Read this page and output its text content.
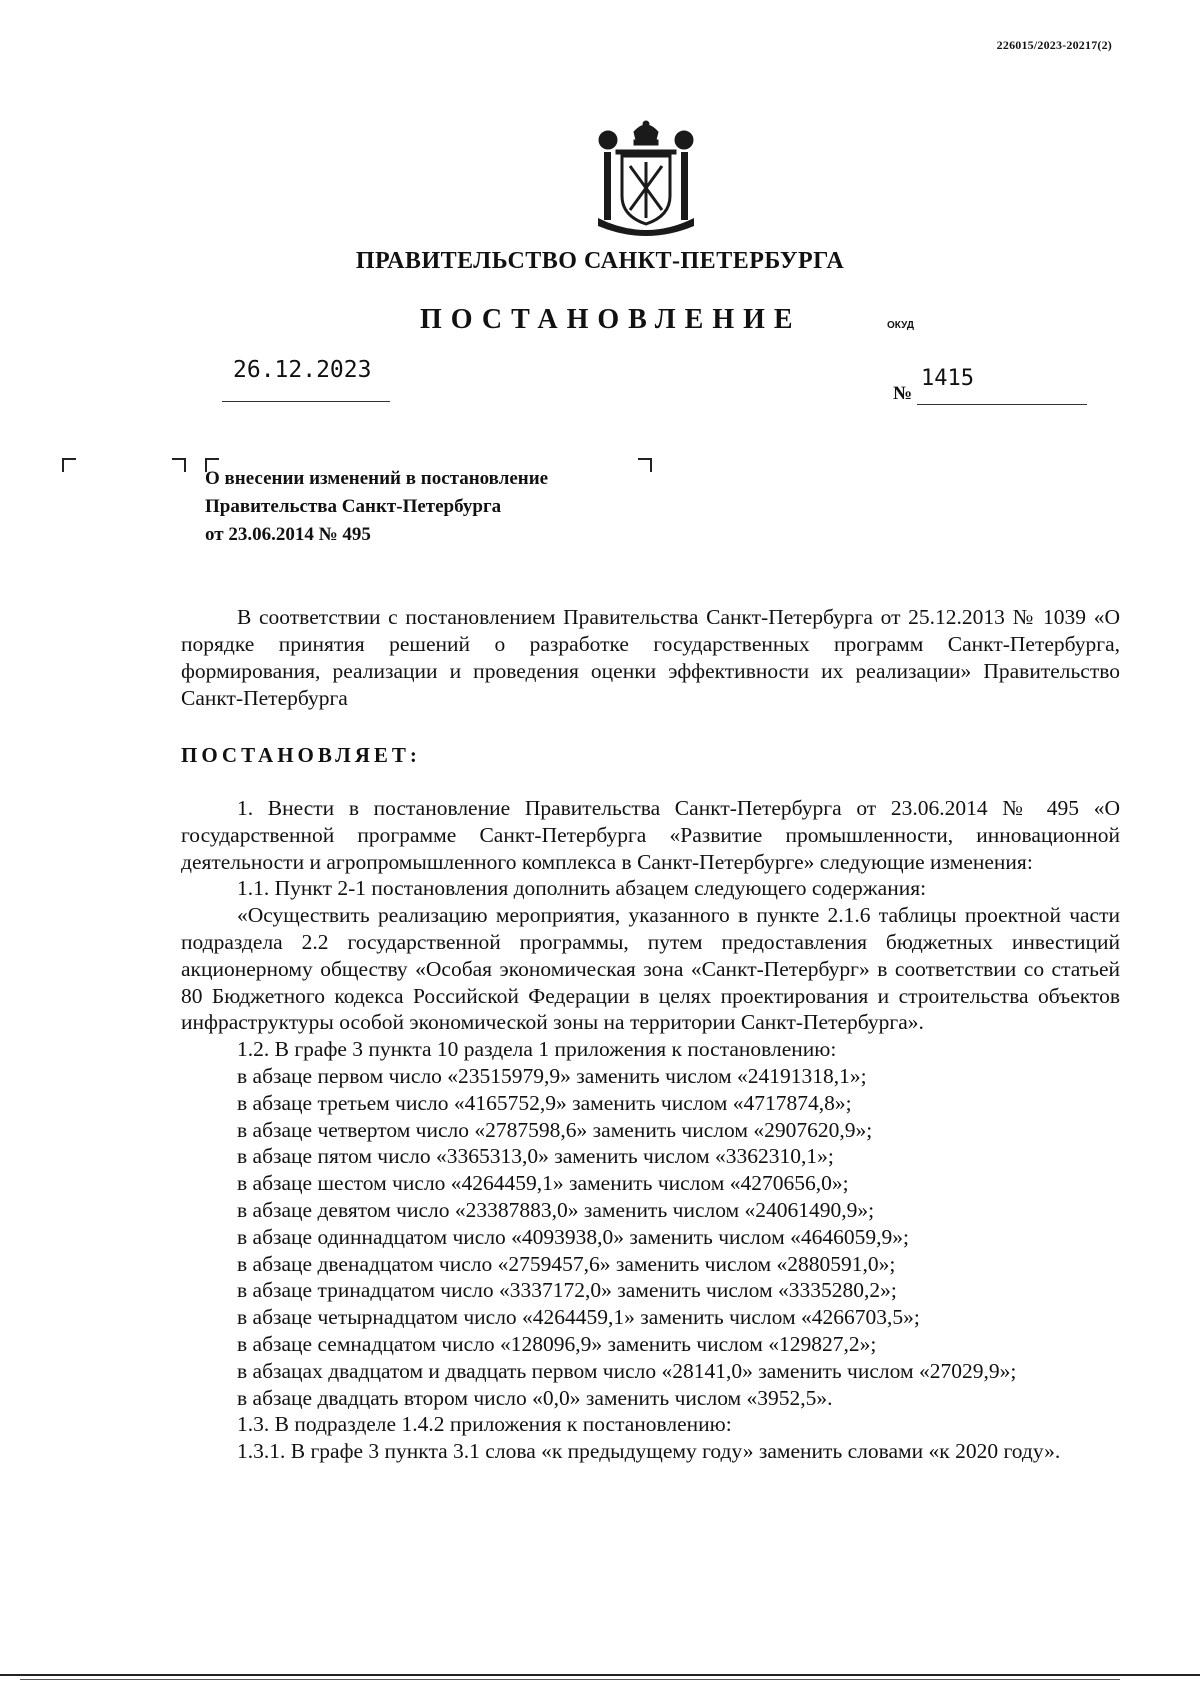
226015/2023-20217(2)
ПРАВИТЕЛЬСТВО САНКТ-ПЕТЕРБУРГА
ПОСТАНОВЛЕНИЕ	ОКУД
26.12.2023
№
1415
О внесении изменений в постановление
Правительства Санкт-Петербурга
от 23.06.2014 № 495
В соответствии с постановлением Правительства Санкт-Петербурга от 25.12.2013 № 1039 «О порядке принятия решений о разработке государственных программ Санкт-Петербурга, формирования, реализации и проведения оценки эффективности их реализации» Правительство Санкт-Петербурга
ПОСТАНОВЛЯЕТ:

1. Внести в постановление Правительства Санкт-Петербурга от 23.06.2014 № 495 «О государственной программе Санкт-Петербурга «Развитие промышленности, инновационной деятельности и агропромышленного комплекса в Санкт-Петербурге» следующие изменения:

1.1. Пункт 2-1 постановления дополнить абзацем следующего содержания:

«Осуществить реализацию мероприятия, указанного в пункте 2.1.6 таблицы проектной части подраздела 2.2 государственной программы, путем предоставления бюджетных инвестиций акционерному обществу «Особая экономическая зона «Санкт-Петербург» в соответствии со статьей 80 Бюджетного кодекса Российской Федерации в целях проектирования и строительства объектов инфраструктуры особой экономической зоны на территории Санкт-Петербурга».

1.2. В графе 3 пункта 10 раздела 1 приложения к постановлению:

в абзаце первом число «23515979,9» заменить числом «24191318,1»;

в абзаце третьем число «4165752,9» заменить числом «4717874,8»;

в абзаце четвертом число «2787598,6» заменить числом «2907620,9»;

в абзаце пятом число «3365313,0» заменить числом «3362310,1»;

в абзаце шестом число «4264459,1» заменить числом «4270656,0»;

в абзаце девятом число «23387883,0» заменить числом «24061490,9»;

в абзаце одиннадцатом число «4093938,0» заменить числом «4646059,9»;

в абзаце двенадцатом число «2759457,6» заменить числом «2880591,0»;

в абзаце тринадцатом число «3337172,0» заменить числом «3335280,2»;

в абзаце четырнадцатом число «4264459,1» заменить числом «4266703,5»;

в абзаце семнадцатом число «128096,9» заменить числом «129827,2»;

в абзацах двадцатом и двадцать первом число «28141,0» заменить числом «27029,9»;

в абзаце двадцать втором число «0,0» заменить числом «3952,5».

1.3. В подразделе 1.4.2 приложения к постановлению:

1.3.1. В графе 3 пункта 3.1 слова «к предыдущему году» заменить словами «к 2020 году».
